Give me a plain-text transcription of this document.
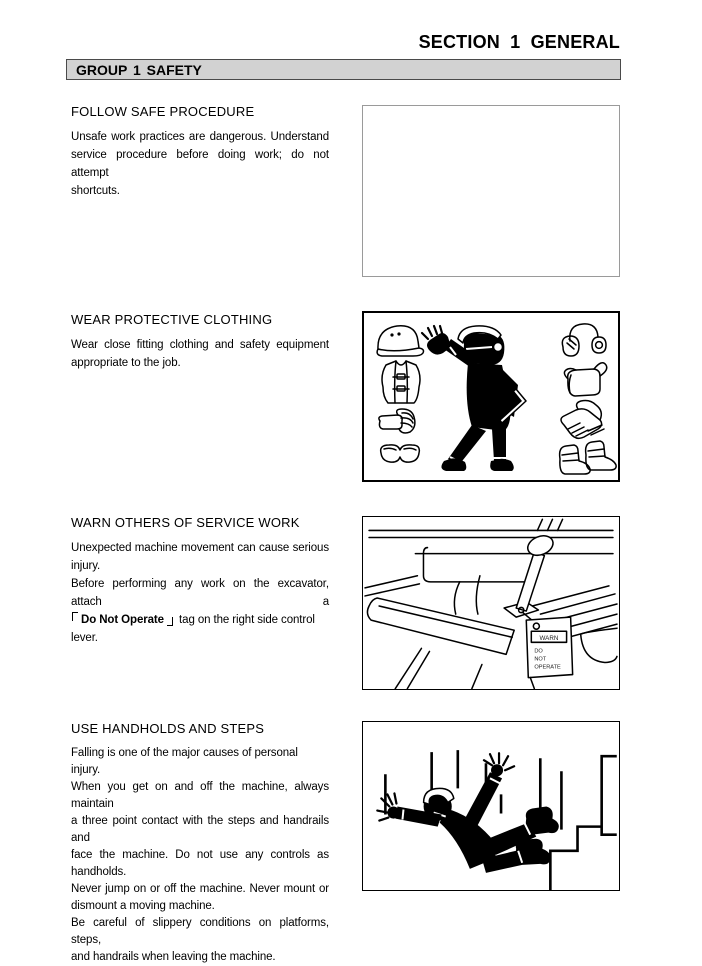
SECTION 1 GENERAL
GROUP 1 SAFETY
FOLLOW SAFE PROCEDURE
Unsafe work practices are dangerous. Understand
service procedure before doing work; do not attempt
shortcuts.
WEAR PROTECTIVE CLOTHING
Wear close fitting clothing and safety equipment
appropriate to the job.
WARN OTHERS OF SERVICE WORK
Unexpected machine movement can cause serious
injury.
Before performing any work on the excavator, attach a
Do Not Operate tag on the right side control lever.	WARN
DO
NOT
OPERATE
USE HANDHOLDS AND STEPS
Falling is one of the major causes of personal injury.
When you get on and off the machine, always maintain
a three point contact with the steps and handrails and
face the machine. Do not use any controls as
handholds.
Never jump on or off the machine. Never mount or
dismount a moving machine.
Be careful of slippery conditions on platforms, steps,
and handrails when leaving the machine.
